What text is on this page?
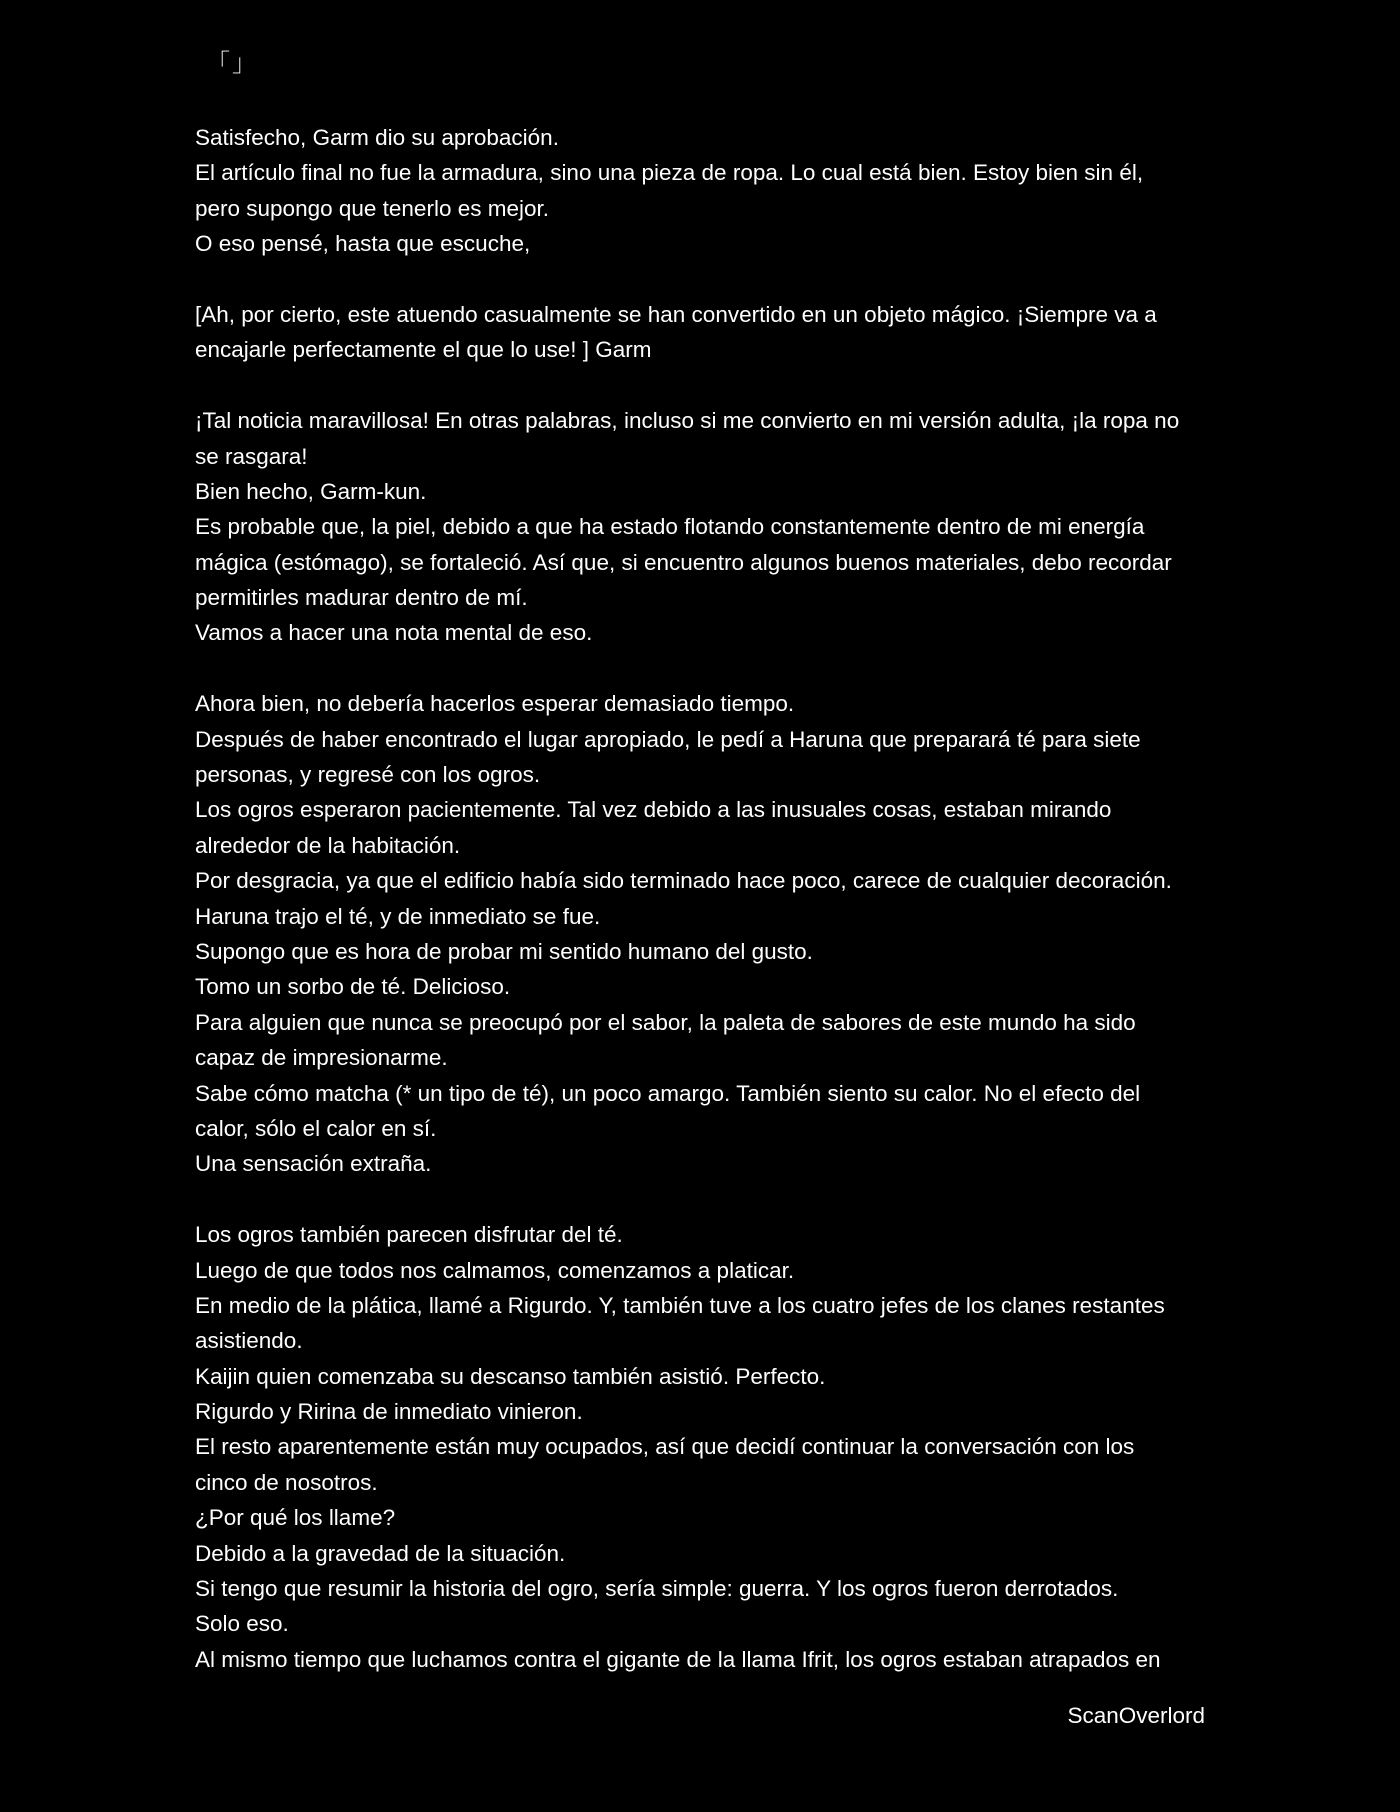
「」
Satisfecho, Garm dio su aprobación.
El artículo final no fue la armadura, sino una pieza de ropa. Lo cual está bien. Estoy bien sin él,
pero supongo que tenerlo es mejor.
O eso pensé, hasta que escuche,
[Ah, por cierto, este atuendo casualmente se han convertido en un objeto mágico. ¡Siempre va a
encajarle perfectamente el que lo use! ] Garm
¡Tal noticia maravillosa! En otras palabras, incluso si me convierto en mi versión adulta, ¡la ropa no
se rasgara!
Bien hecho, Garm-kun.
Es probable que, la piel, debido a que ha estado flotando constantemente dentro de mi energía
mágica (estómago), se fortaleció. Así que, si encuentro algunos buenos materiales, debo recordar
permitirles madurar dentro de mí.
Vamos a hacer una nota mental de eso.
Ahora bien, no debería hacerlos esperar demasiado tiempo.
Después de haber encontrado el lugar apropiado, le pedí a Haruna que preparará té para siete
personas, y regresé con los ogros.
Los ogros esperaron pacientemente. Tal vez debido a las inusuales cosas, estaban mirando
alrededor de la habitación.
Por desgracia, ya que el edificio había sido terminado hace poco, carece de cualquier decoración.
Haruna trajo el té, y de inmediato se fue.
Supongo que es hora de probar mi sentido humano del gusto.
Tomo un sorbo de té. Delicioso.
Para alguien que nunca se preocupó por el sabor, la paleta de sabores de este mundo ha sido
capaz de impresionarme.
Sabe cómo matcha (* un tipo de té), un poco amargo. También siento su calor. No el efecto del
calor, sólo el calor en sí.
Una sensación extraña.
Los ogros también parecen disfrutar del té.
Luego de que todos nos calmamos, comenzamos a platicar.
En medio de la plática, llamé a Rigurdo. Y, también tuve a los cuatro jefes de los clanes restantes
asistiendo.
Kaijin quien comenzaba su descanso también asistió. Perfecto.
Rigurdo y Ririna de inmediato vinieron.
El resto aparentemente están muy ocupados, así que decidí continuar la conversación con los
cinco de nosotros.
¿Por qué los llame?
Debido a la gravedad de la situación.
Si tengo que resumir la historia del ogro, sería simple: guerra. Y los ogros fueron derrotados.
Solo eso.
Al mismo tiempo que luchamos contra el gigante de la llama Ifrit, los ogros estaban atrapados en
ScanOverlord
